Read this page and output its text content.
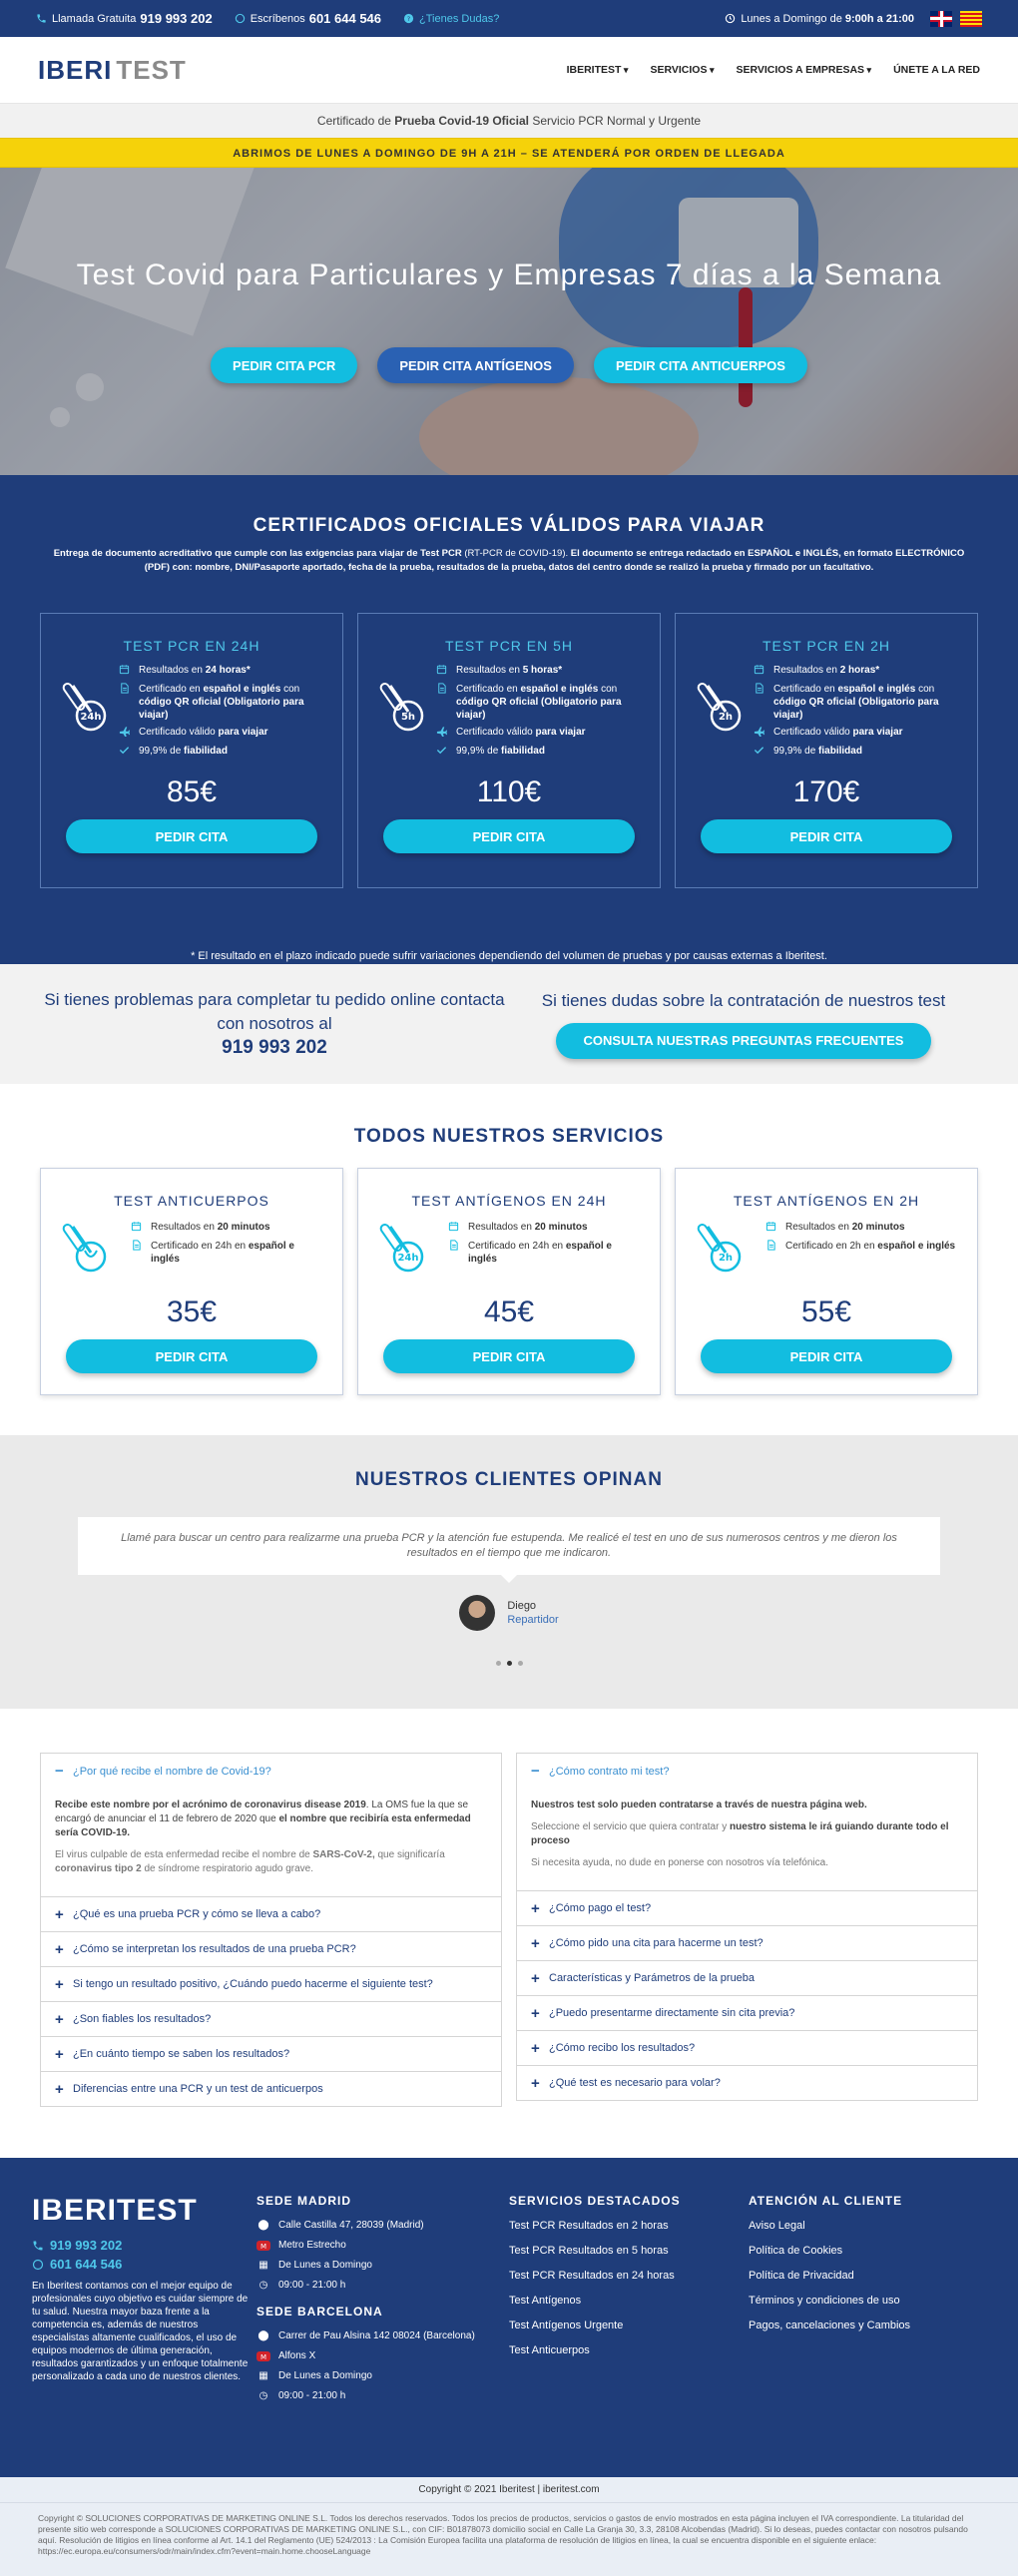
Llamada Gratuita 919 993 202	Escríbenos 601 644 546 ? ¿Tienes Dudas?	Lunes a Domingo de
9:00h a 21:00
IBERI TEST	IBERITEST ▾	SERVICIOS ▾	SERVICIOS A EMPRESAS ▾	ÚNETE A LA RED
Certificado de Prueba Covid-19 Oficial Servicio PCR Normal y Urgente
ABRIMOS DE LUNES A DOMINGO DE 9H A 21H – SE ATENDERÁ POR ORDEN DE LLEGADA
Test Covid para Particulares y Empresas 7 días a la Semana
PEDIR CITA PCR	PEDIR CITA ANTÍGENOS	PEDIR CITA ANTICUERPOS
CERTIFICADOS OFICIALES VÁLIDOS PARA VIAJAR

Entrega de documento acreditativo que cumple con las exigencias para viajar de Test PCR (RT-PCR de COVID-19). El documento se entrega redactado en ESPAÑOL e INGLÉS, en formato ELECTRÓNICO (PDF) con: nombre, DNI/Pasaporte aportado, fecha de la prueba, resultados de la prueba, datos del centro donde se realizó la prueba y firmado por un facultativo.

TEST PCR EN 24H
24h
Resultados en 24 horas*
Certificado en español e inglés con código QR oficial (Obligatorio para viajar)
Certificado válido para viajar
99,9% de fiabilidad
85€
PEDIR CITA
TEST PCR EN 5H
5h
Resultados en 5 horas*
Certificado en español e inglés con código QR oficial (Obligatorio para viajar)
Certificado válido para viajar
99,9% de fiabilidad
110€
PEDIR CITA
TEST PCR EN 2H
2h
Resultados en 2 horas*
Certificado en español e inglés con código QR oficial (Obligatorio para viajar)
Certificado válido para viajar
99,9% de fiabilidad
170€
PEDIR CITA

* El resultado en el plazo indicado puede sufrir variaciones dependiendo del volumen de pruebas y por causas externas a Iberitest.

Si tienes problemas para completar tu pedido online contacta con nosotros al
919 993 202
Si tienes dudas sobre la contratación de nuestros test
CONSULTA NUESTRAS PREGUNTAS FRECUENTES
TODOS NUESTROS SERVICIOS
TEST ANTICUERPOS
Resultados en 20 minutos
Certificado en 24h en español e inglés
35€
PEDIR CITA
TEST ANTÍGENOS EN 24H
24h
Resultados en 20 minutos
Certificado en 24h en español e inglés
45€
PEDIR CITA
TEST ANTÍGENOS EN 2H
2h
Resultados en 20 minutos
Certificado en 2h en español e inglés
55€
PEDIR CITA
NUESTROS CLIENTES OPINAN
Llamé para buscar un centro para realizarme una prueba PCR y la atención fue estupenda. Me realicé el test en uno de sus numerosos centros y me dieron los resultados en el tiempo que me indicaron.
Diego
Repartidor
− ¿Por qué recibe el nombre de Covid-19?

Recibe este nombre por el acrónimo de coronavirus disease 2019. La OMS fue la que se encargó de anunciar el 11 de febrero de 2020 que el nombre que recibiría esta enfermedad sería COVID-19.

El virus culpable de esta enfermedad recibe el nombre de SARS-CoV-2, que significaría coronavirus tipo 2 de síndrome respiratorio agudo grave.

+ ¿Qué es una prueba PCR y cómo se lleva a cabo?
+ ¿Cómo se interpretan los resultados de una prueba PCR?
+ Si tengo un resultado positivo, ¿Cuándo puedo hacerme el siguiente test?
+ ¿Son fiables los resultados?
+ ¿En cuánto tiempo se saben los resultados?
+ Diferencias entre una PCR y un test de anticuerpos
− ¿Cómo contrato mi test?

Nuestros test solo pueden contratarse a través de nuestra página web.

Seleccione el servicio que quiera contratar y nuestro sistema le irá guiando durante todo el proceso

Si necesita ayuda, no dude en ponerse con nosotros vía telefónica.

+ ¿Cómo pago el test?
+ ¿Cómo pido una cita para hacerme un test?
+ Características y Parámetros de la prueba
+ ¿Puedo presentarme directamente sin cita previa?
+ ¿Cómo recibo los resultados?
+ ¿Qué test es necesario para volar?
IBERI TEST
919 993 202
601 644 546

En Iberitest contamos con el mejor equipo de profesionales cuyo objetivo es cuidar siempre de tu salud. Nuestra mayor baza frente a la competencia es, además de nuestros especialistas altamente cualificados, el uso de equipos modernos de última generación, resultados garantizados y un enfoque totalmente personalizado a cada uno de nuestros clientes.

SEDE MADRID
⬤ Calle Castilla 47, 28039 (Madrid)
M Metro Estrecho
▦ De Lunes a Domingo
◷ 09:00 - 21:00 h
SEDE BARCELONA
⬤ Carrer de Pau Alsina 142 08024 (Barcelona)
M Alfons X
▦ De Lunes a Domingo
◷ 09:00 - 21:00 h
SERVICIOS DESTACADOS
Test PCR Resultados en 2 horas
Test PCR Resultados en 5 horas
Test PCR Resultados en 24 horas
Test Antígenos
Test Antígenos Urgente
Test Anticuerpos
ATENCIÓN AL CLIENTE
Aviso Legal
Política de Cookies
Política de Privacidad
Términos y condiciones de uso
Pagos, cancelaciones y Cambios
Copyright © 2021 Iberitest | iberitest.com
Copyright © SOLUCIONES CORPORATIVAS DE MARKETING ONLINE S.L. Todos los derechos reservados. Todos los precios de productos, servicios o gastos de envío mostrados en esta página incluyen el IVA correspondiente. La titularidad del presente sitio web corresponde a SOLUCIONES CORPORATIVAS DE MARKETING ONLINE S.L., con CIF: B01878073 domicilio social en Calle La Granja 30, 3.3, 28108 Alcobendas (Madrid). Si lo deseas, puedes contactar con nosotros pulsando aquí. Resolución de litigios en línea conforme al Art. 14.1 del Reglamento (UE) 524/2013 : La Comisión Europea facilita una plataforma de resolución de litigios en línea, la cual se encuentra disponible en el siguiente enlace: https://ec.europa.eu/consumers/odr/main/index.cfm?event=main.home.chooseLanguage
